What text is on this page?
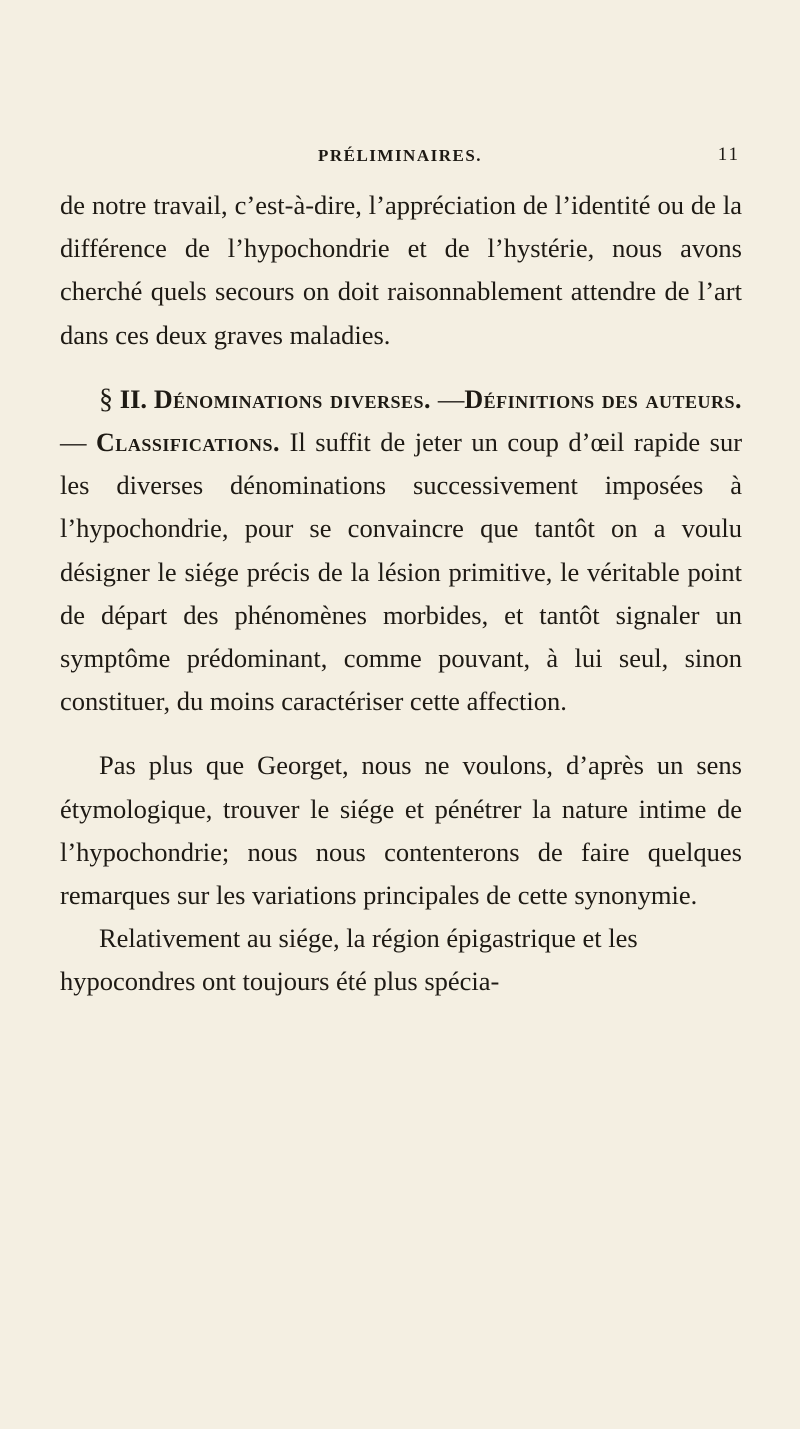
PRÉLIMINAIRES.	11

de notre travail, c’est-à-dire, l’appréciation de l’identité ou de la différence de l’hypochondrie et de l’hystérie, nous avons cherché quels secours on doit raisonnablement attendre de l’art dans ces deux graves maladies.

§ II. Dénominations diverses. —Définitions des auteurs. — Classifications. Il suffit de jeter un coup d’œil rapide sur les diverses dénominations successivement imposées à l’hypochondrie, pour se convaincre que tantôt on a voulu désigner le siége précis de la lésion primitive, le véritable point de départ des phénomènes morbides, et tantôt signaler un symptôme prédominant, comme pouvant, à lui seul, sinon constituer, du moins caractériser cette affection.

Pas plus que Georget, nous ne voulons, d’après un sens étymologique, trouver le siége et pénétrer la nature intime de l’hypochondrie; nous nous contenterons de faire quelques remarques sur les variations principales de cette synonymie.

Relativement au siége, la région épigastrique et les hypocondres ont toujours été plus spécia-
